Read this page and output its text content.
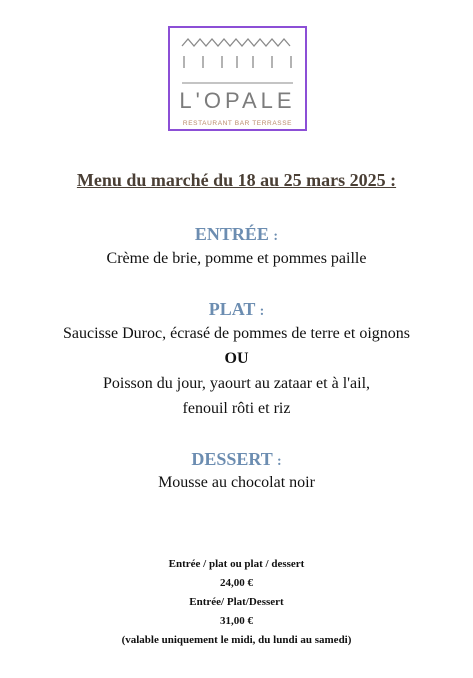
L'OPALE
RESTAURANT BAR TERRASSE
Menu du marché du 18 au 25 mars 2025 :
ENTRÉE :
Crème de brie, pomme et pommes paille
PLAT :
Saucisse Duroc, écrasé de pommes de terre et oignons
OU
Poisson du jour, yaourt au zataar et à l'ail,
fenouil rôti et riz
DESSERT :
Mousse au chocolat noir
Entrée / plat ou plat / dessert
24,00 €
Entrée/ Plat/Dessert
31,00 €
(valable uniquement le midi, du lundi au samedi)
